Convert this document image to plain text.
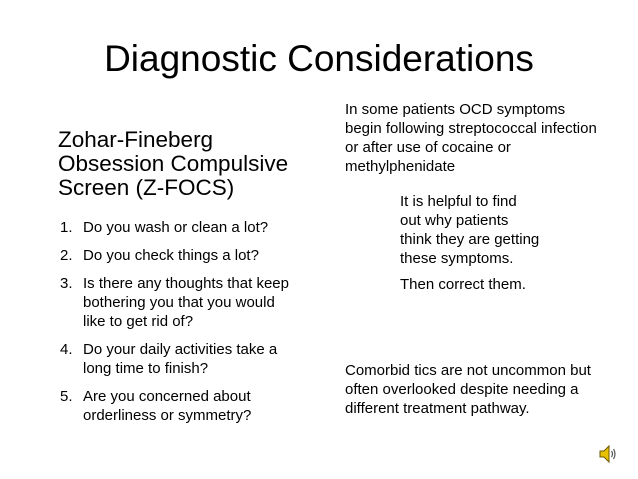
Diagnostic Considerations
Zohar-Fineberg
Obsession Compulsive
Screen (Z-FOCS)
1. Do you wash or clean a lot?
2. Do you check things a lot?
3. Is there any thoughts that keep bothering you that you would like to get rid of?
4. Do your daily activities take a long time to finish?
5. Are you concerned about orderliness or symmetry?
In some patients OCD symptoms begin following streptococcal infection or after use of cocaine or methylphenidate

It is helpful to find out why patients think they are getting these symptoms.

Then correct them.

Comorbid tics are not uncommon but often overlooked despite needing a different treatment pathway.
